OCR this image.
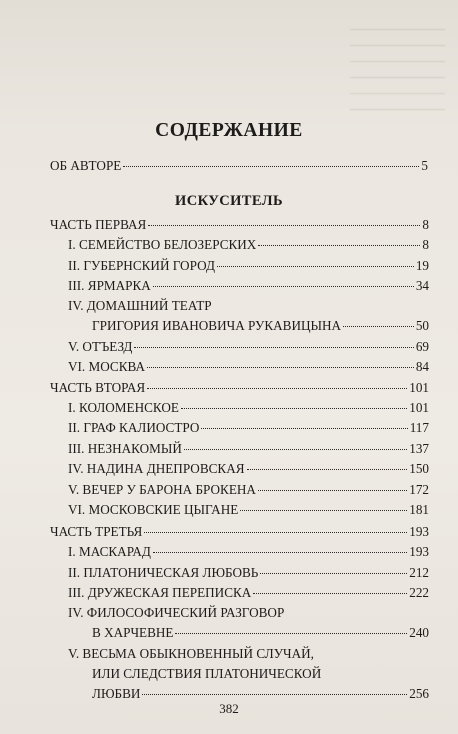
СОДЕРЖАНИЕ
ОБ АВТОРЕ	5
ИСКУСИТЕЛЬ
ЧАСТЬ ПЕРВАЯ	8
I. СЕМЕЙСТВО БЕЛОЗЕРСКИХ	8
II. ГУБЕРНСКИЙ ГОРОД	19
III. ЯРМАРКА	34
IV. ДОМАШНИЙ ТЕАТР
ГРИГОРИЯ ИВАНОВИЧА РУКАВИЦЫНА	50
V. ОТЪЕЗД	69
VI. МОСКВА	84
ЧАСТЬ ВТОРАЯ	101
I. КОЛОМЕНСКОЕ	101
II. ГРАФ КАЛИОСТРО	117
III. НЕЗНАКОМЫЙ	137
IV. НАДИНА ДНЕПРОВСКАЯ	150
V. ВЕЧЕР У БАРОНА БРОКЕНА	172
VI. МОСКОВСКИЕ ЦЫГАНЕ	181
ЧАСТЬ ТРЕТЬЯ	193
I. МАСКАРАД	193
II. ПЛАТОНИЧЕСКАЯ ЛЮБОВЬ	212
III. ДРУЖЕСКАЯ ПЕРЕПИСКА	222
IV. ФИЛОСОФИЧЕСКИЙ РАЗГОВОР
В ХАРЧЕВНЕ	240
V. ВЕСЬМА ОБЫКНОВЕННЫЙ СЛУЧАЙ,
ИЛИ СЛЕДСТВИЯ ПЛАТОНИЧЕСКОЙ
ЛЮБВИ	256
382
